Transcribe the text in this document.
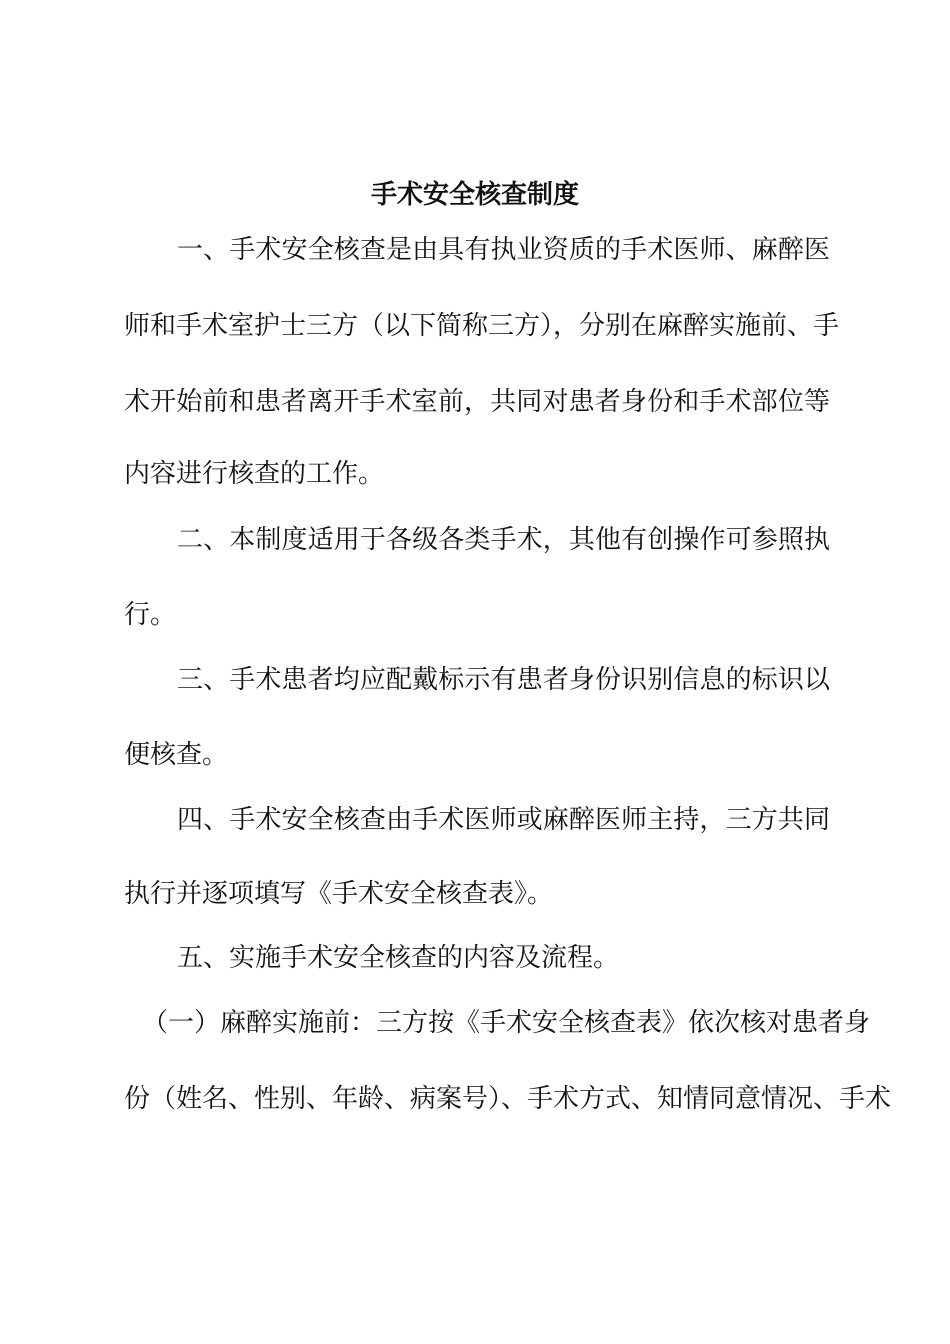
手术安全核查制度
一、手术安全核查是由具有执业资质的手术医师、麻醉医
师和手术室护士三方（以下简称三方），分别在麻醉实施前、手
术开始前和患者离开手术室前，共同对患者身份和手术部位等
内容进行核查的工作。
二、本制度适用于各级各类手术，其他有创操作可参照执
行。
三、手术患者均应配戴标示有患者身份识别信息的标识以
便核查。
四、手术安全核查由手术医师或麻醉医师主持，三方共同
执行并逐项填写《手术安全核查表》。
五、实施手术安全核查的内容及流程。
（一）麻醉实施前：三方按《手术安全核查表》依次核对患者身
份（姓名、性别、年龄、病案号）、手术方式、知情同意情况、手术
